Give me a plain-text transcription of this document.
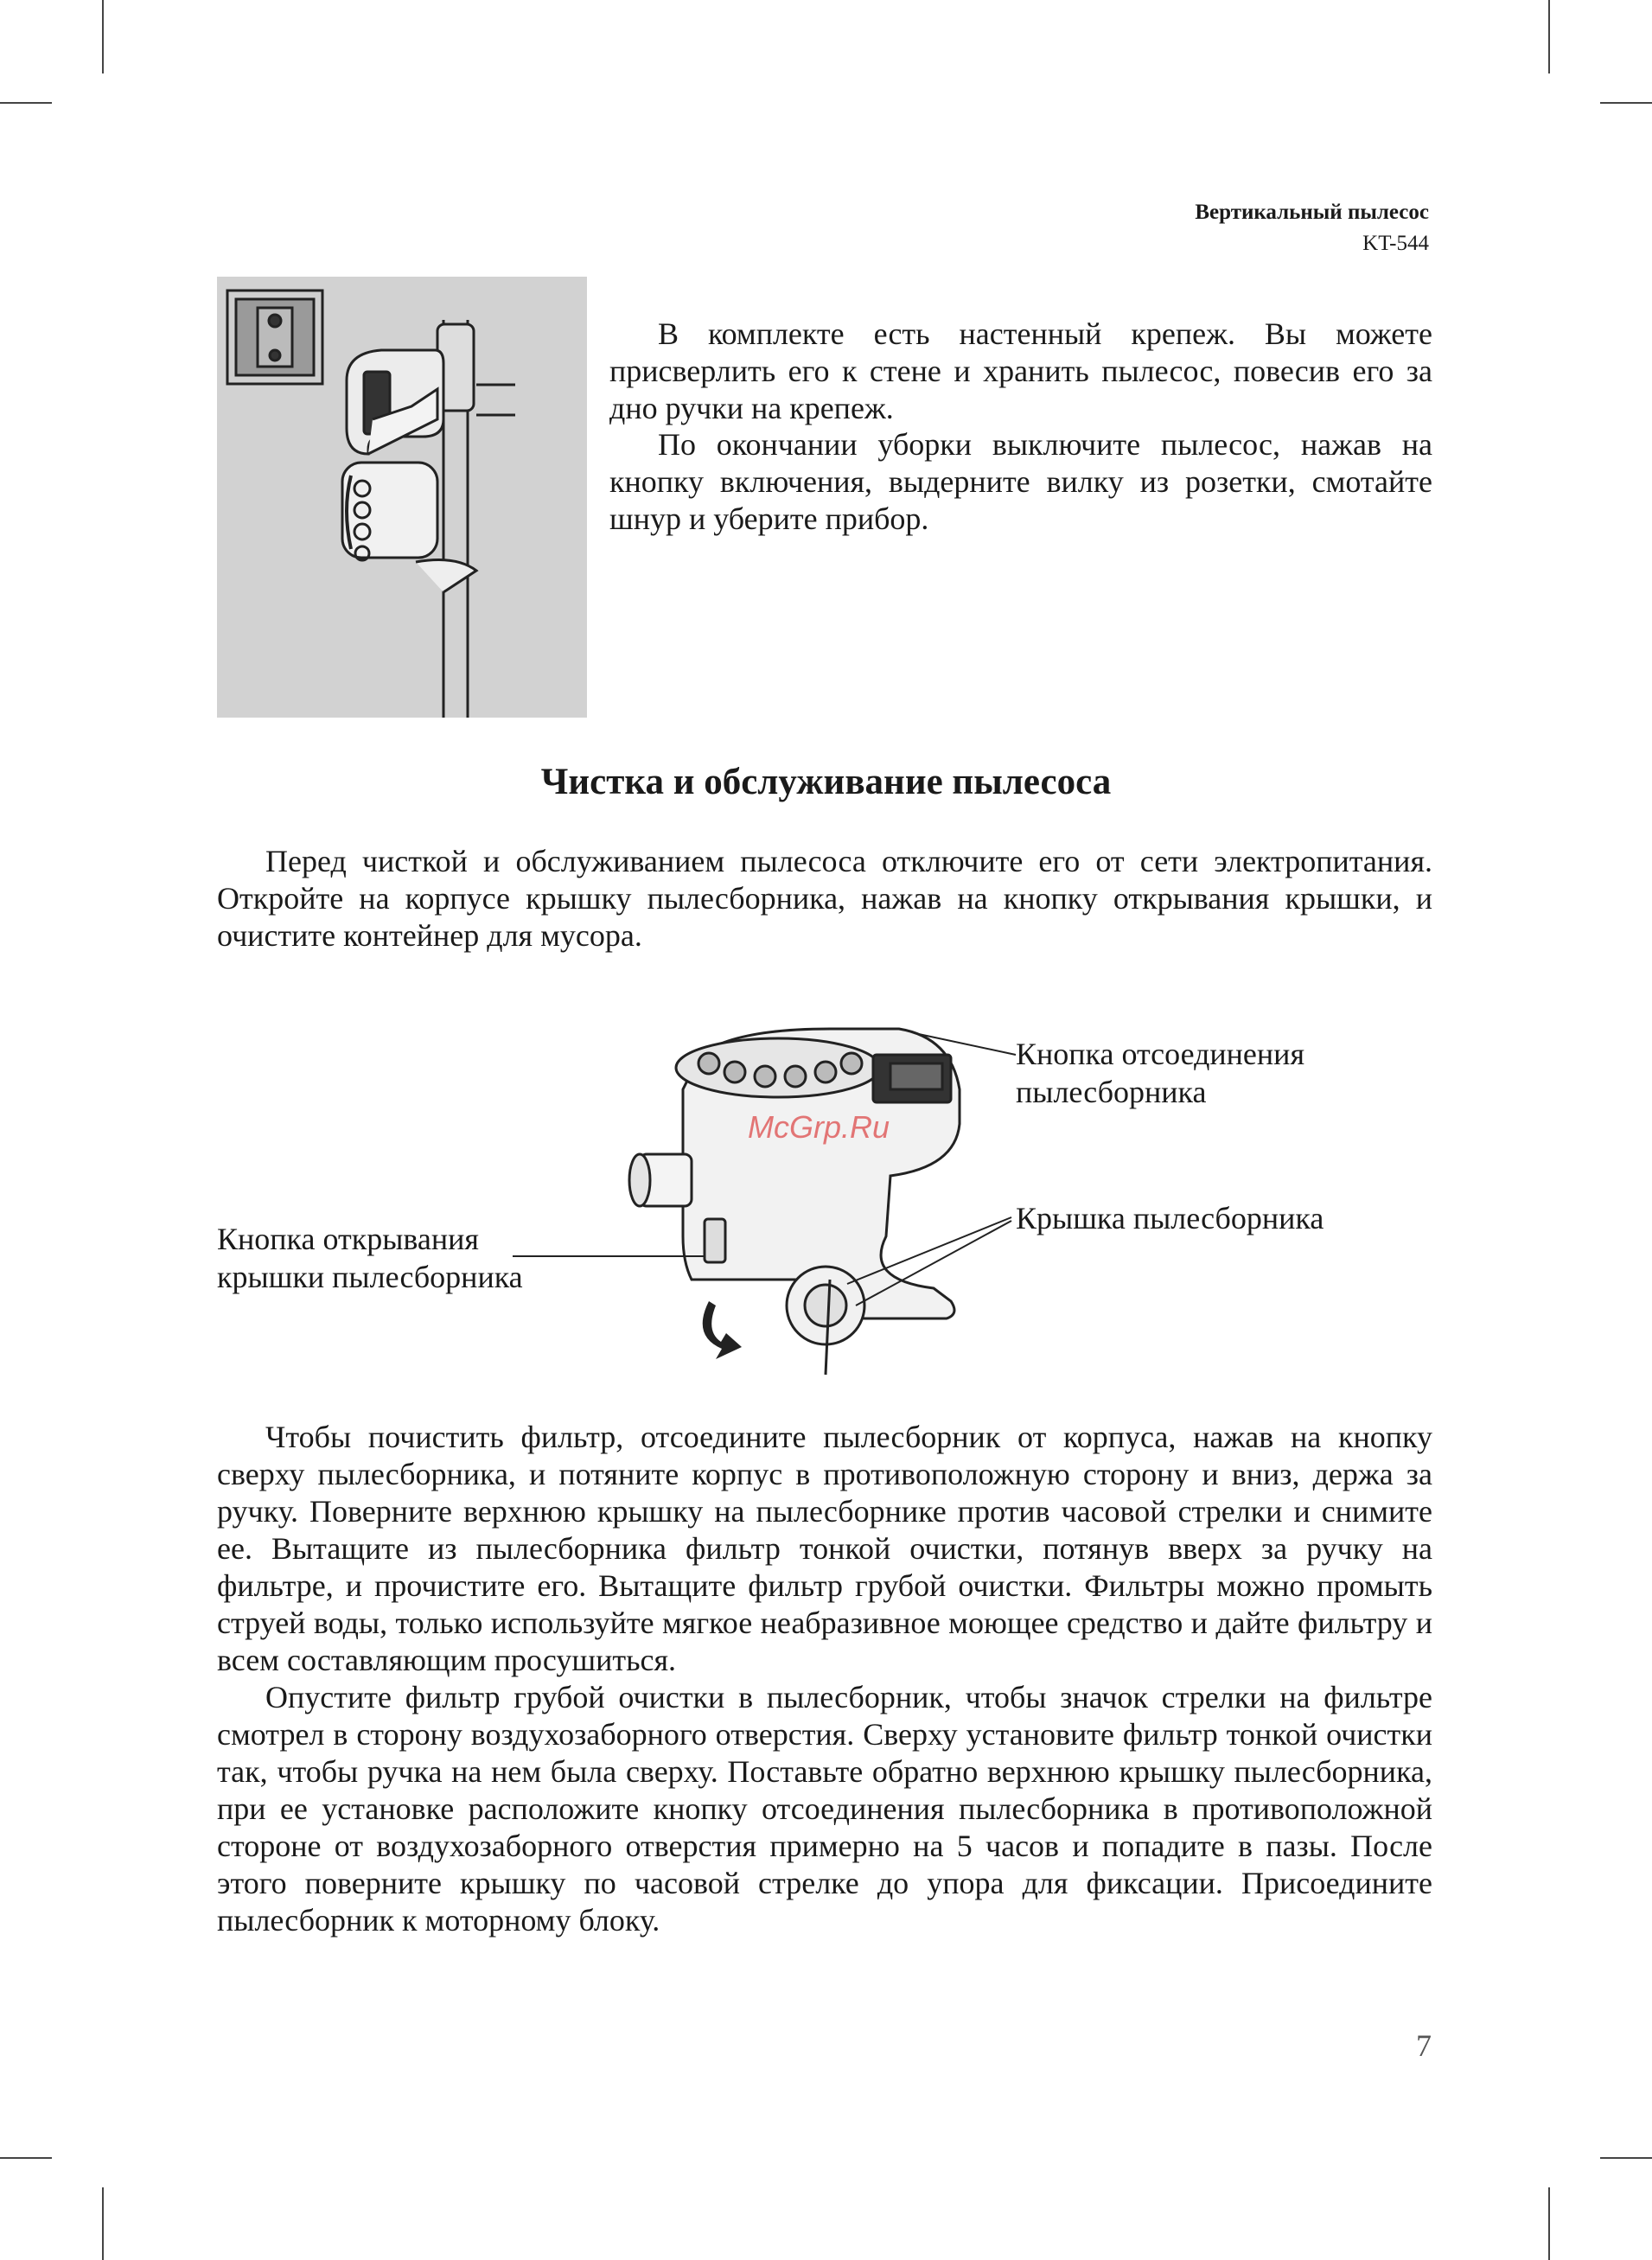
Вертикальный пылесос
KT-544

В комплекте есть настенный крепеж. Вы можете присверлить его к стене и хранить пылесос, повесив его за дно ручки на крепеж.

По окончании уборки выключите пылесос, нажав на кнопку включения, выдерните вилку из розетки, смотайте шнур и уберите прибор.

Чистка и обслуживание пылесоса

Перед чисткой и обслуживанием пылесоса отключите его от сети электропитания. Откройте на корпусе крышку пылесборника, нажав на кнопку открывания крышки, и очистите контейнер для мусора.

McGrp.Ru

Кнопка отсоединения пылесборника

Крышка пылесборника

Кнопка открывания крышки пылесборника

Чтобы почистить фильтр, отсоедините пылесборник от корпуса, нажав на кнопку сверху пылесборника, и потяните корпус в противоположную сторону и вниз, держа за ручку. Поверните верхнюю крышку на пылесборнике против часовой стрелки и снимите ее. Вытащите из пылесборника фильтр тонкой очистки, потянув вверх за ручку на фильтре, и прочистите его. Вытащите фильтр грубой очистки. Фильтры можно промыть струей воды, только используйте мягкое неабразивное моющее средство и дайте фильтру и всем составляющим просушиться.

Опустите фильтр грубой очистки в пылесборник, чтобы значок стрелки на фильтре смотрел в сторону воздухозаборного отверстия. Сверху установите фильтр тонкой очистки так, чтобы ручка на нем была сверху. Поставьте обратно верхнюю крышку пылесборника, при ее установке расположите кнопку отсоединения пылесборника в противоположной стороне от воздухозаборного отверстия примерно на 5 часов и попадите в пазы. После этого поверните крышку по часовой стрелке до упора для фиксации. Присоедините пылесборник к моторному блоку.

7
